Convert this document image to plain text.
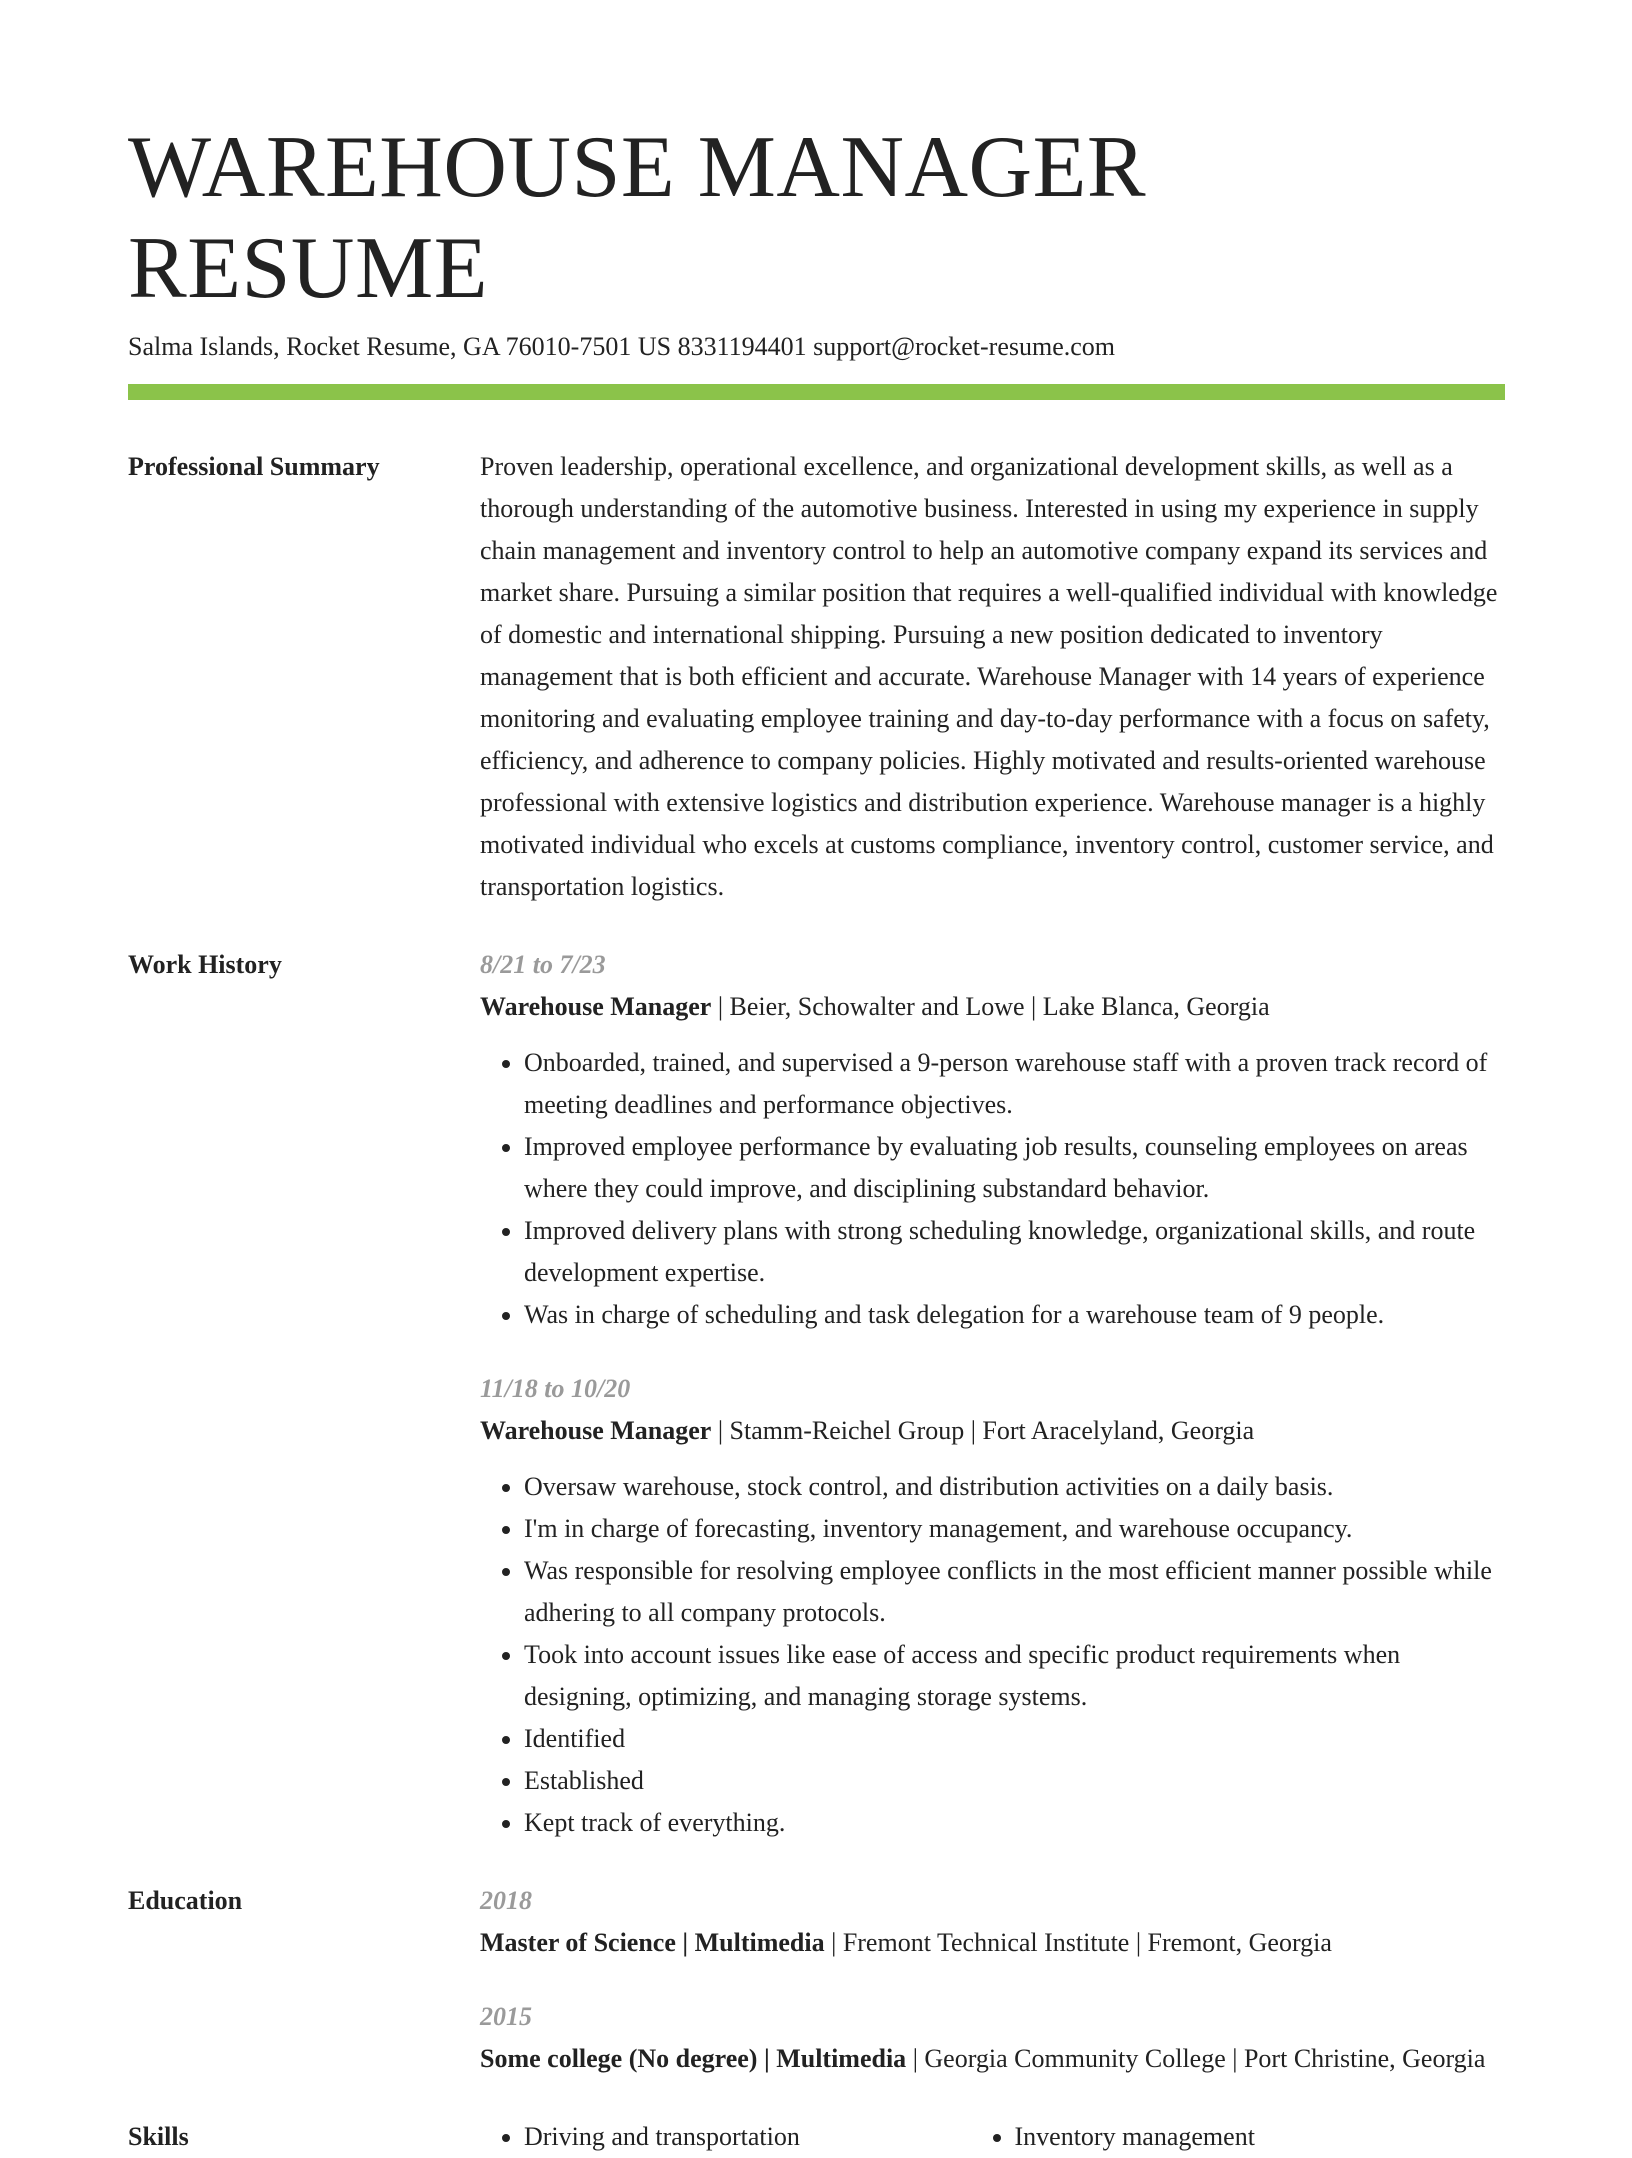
WAREHOUSE MANAGER RESUME
Salma Islands, Rocket Resume, GA 76010-7501 US 8331194401 support@rocket-resume.com
Professional Summary	Proven leadership, operational excellence, and organizational development skills, as well as a thorough understanding of the automotive business. Interested in using my experience in supply chain management and inventory control to help an automotive company expand its services and market share. Pursuing a similar position that requires a well-qualified individual with knowledge of domestic and international shipping. Pursuing a new position dedicated to inventory management that is both efficient and accurate. Warehouse Manager with 14 years of experience monitoring and evaluating employee training and day-to-day performance with a focus on safety, efficiency, and adherence to company policies. Highly motivated and results-oriented warehouse professional with extensive logistics and distribution experience. Warehouse manager is a highly motivated individual who excels at customs compliance, inventory control, customer service, and transportation logistics.

Work History	8/21 to 7/23
Warehouse Manager | Beier, Schowalter and Lowe | Lake Blanca, Georgia
• Onboarded, trained, and supervised a 9-person warehouse staff with a proven track record of meeting deadlines and performance objectives.
• Improved employee performance by evaluating job results, counseling employees on areas where they could improve, and disciplining substandard behavior.
• Improved delivery plans with strong scheduling knowledge, organizational skills, and route development expertise.
• Was in charge of scheduling and task delegation for a warehouse team of 9 people.
11/18 to 10/20
Warehouse Manager | Stamm-Reichel Group | Fort Aracelyland, Georgia
• Oversaw warehouse, stock control, and distribution activities on a daily basis.
• I'm in charge of forecasting, inventory management, and warehouse occupancy.
• Was responsible for resolving employee conflicts in the most efficient manner possible while adhering to all company protocols.
• Took into account issues like ease of access and specific product requirements when designing, optimizing, and managing storage systems.
• Identified
• Established
• Kept track of everything.
Education	2018
Master of Science | Multimedia | Fremont Technical Institute | Fremont, Georgia
2015
Some college (No degree) | Multimedia | Georgia Community College | Port Christine, Georgia
Skills	• Driving and transportation	• Inventory management
